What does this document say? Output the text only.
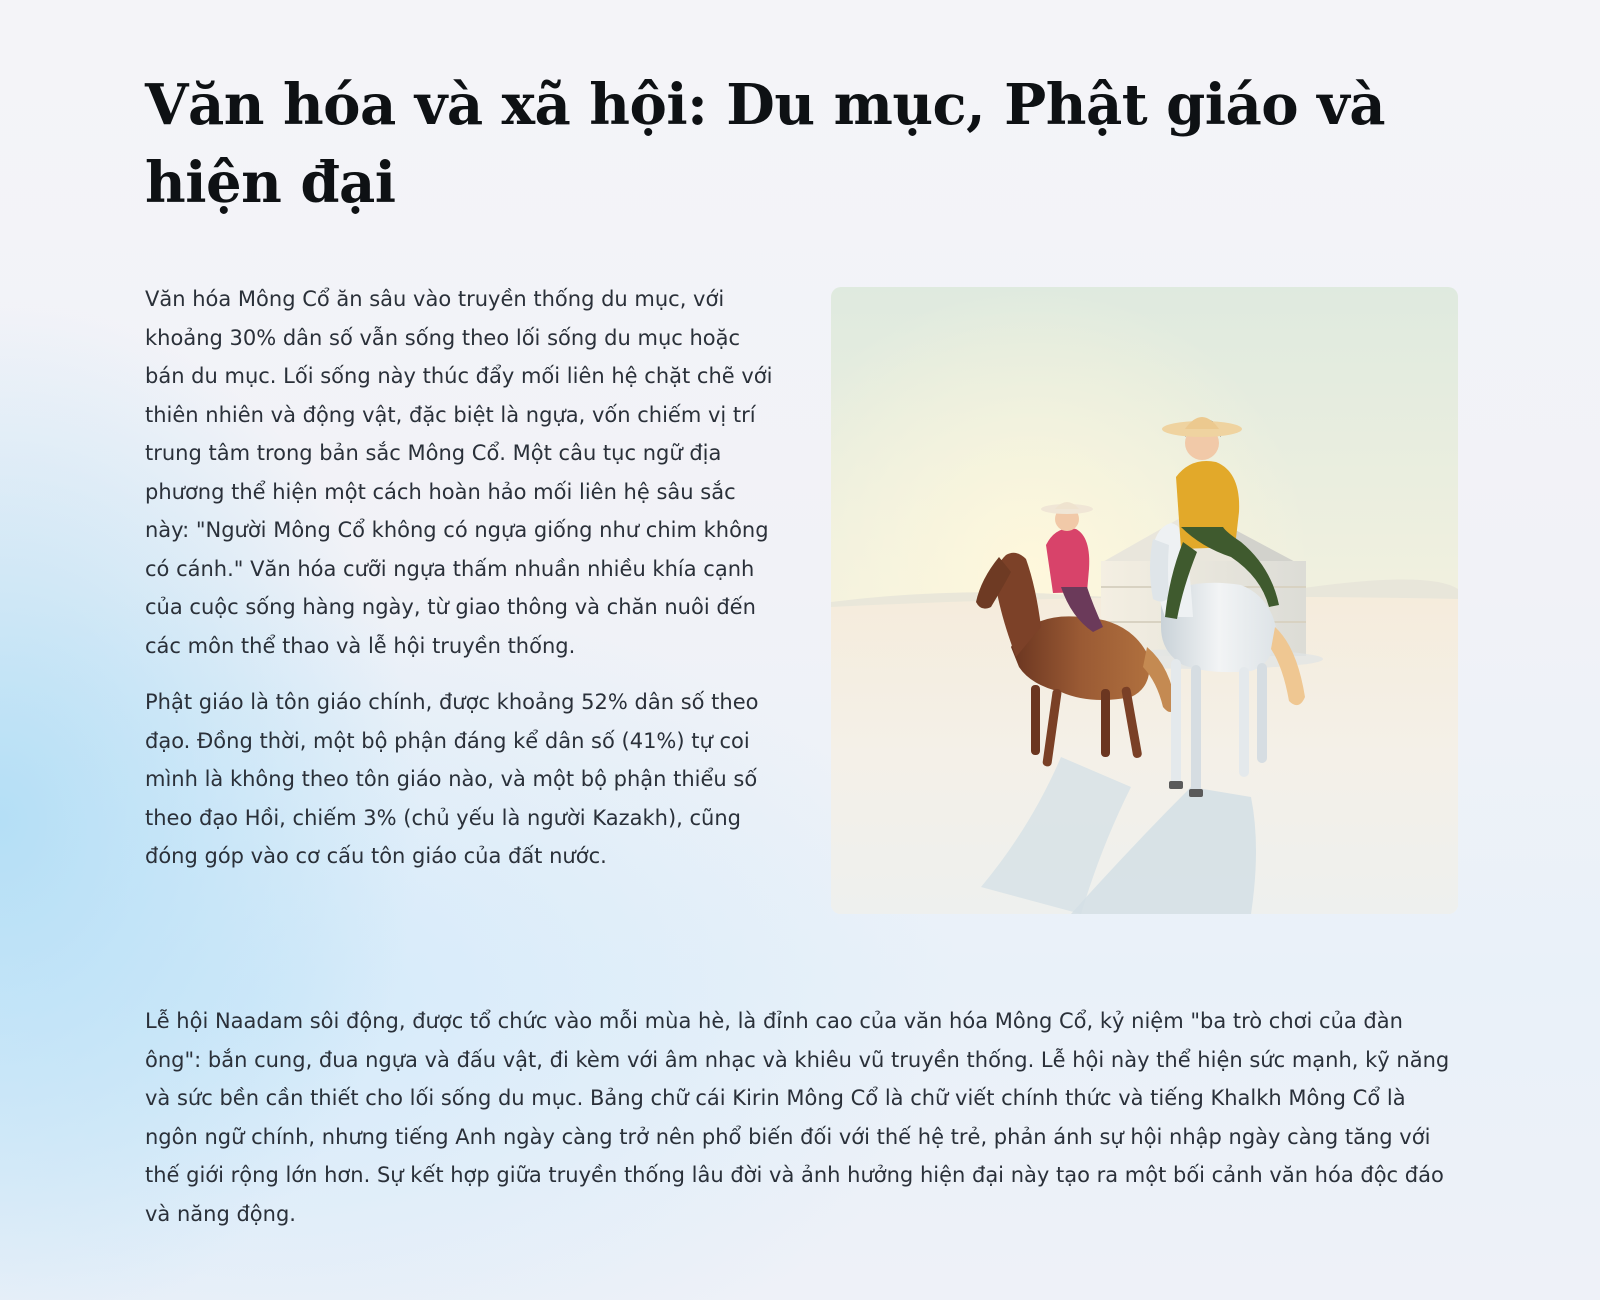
Văn hóa và xã hội: Du mục, Phật giáo và hiện đại

Văn hóa Mông Cổ ăn sâu vào truyền thống du mục, với khoảng 30% dân số vẫn sống theo lối sống du mục hoặc bán du mục. Lối sống này thúc đẩy mối liên hệ chặt chẽ với thiên nhiên và động vật, đặc biệt là ngựa, vốn chiếm vị trí trung tâm trong bản sắc Mông Cổ. Một câu tục ngữ địa phương thể hiện một cách hoàn hảo mối liên hệ sâu sắc này: "Người Mông Cổ không có ngựa giống như chim không có cánh." Văn hóa cưỡi ngựa thấm nhuần nhiều khía cạnh của cuộc sống hàng ngày, từ giao thông và chăn nuôi đến các môn thể thao và lễ hội truyền thống.

Phật giáo là tôn giáo chính, được khoảng 52% dân số theo đạo. Đồng thời, một bộ phận đáng kể dân số (41%) tự coi mình là không theo tôn giáo nào, và một bộ phận thiểu số theo đạo Hồi, chiếm 3% (chủ yếu là người Kazakh), cũng đóng góp vào cơ cấu tôn giáo của đất nước.

Lễ hội Naadam sôi động, được tổ chức vào mỗi mùa hè, là đỉnh cao của văn hóa Mông Cổ, kỷ niệm "ba trò chơi của đàn ông": bắn cung, đua ngựa và đấu vật, đi kèm với âm nhạc và khiêu vũ truyền thống. Lễ hội này thể hiện sức mạnh, kỹ năng và sức bền cần thiết cho lối sống du mục. Bảng chữ cái Kirin Mông Cổ là chữ viết chính thức và tiếng Khalkh Mông Cổ là ngôn ngữ chính, nhưng tiếng Anh ngày càng trở nên phổ biến đối với thế hệ trẻ, phản ánh sự hội nhập ngày càng tăng với thế giới rộng lớn hơn. Sự kết hợp giữa truyền thống lâu đời và ảnh hưởng hiện đại này tạo ra một bối cảnh văn hóa độc đáo và năng động.
